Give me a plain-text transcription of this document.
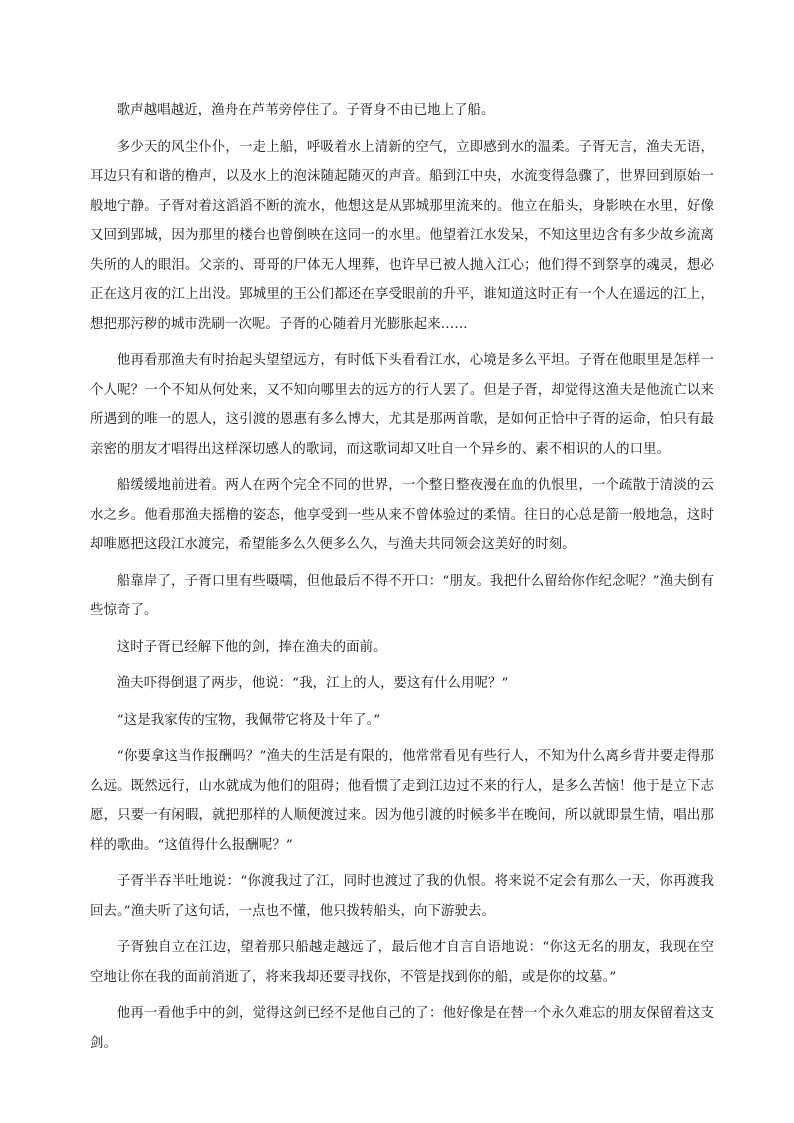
歌声越唱越近，渔舟在芦苇旁停住了。子胥身不由已地上了船。

多少天的风尘仆仆，一走上船，呼吸着水上清新的空气，立即感到水的温柔。子胥无言，渔夫无语，耳边只有和谐的橹声，以及水上的泡沫随起随灭的声音。船到江中央，水流变得急骤了，世界回到原始一般地宁静。子胥对着这滔滔不断的流水，他想这是从郢城那里流来的。他立在船头，身影映在水里，好像又回到郢城，因为那里的楼台也曾倒映在这同一的水里。他望着江水发呆，不知这里边含有多少故乡流离失所的人的眼泪。父亲的、哥哥的尸体无人埋葬，也许早已被人抛入江心；他们得不到祭享的魂灵，想必正在这月夜的江上出没。郢城里的王公们都还在享受眼前的升平，谁知道这时正有一个人在遥远的江上，想把那污秽的城市洗刷一次呢。子胥的心随着月光膨胀起来……

他再看那渔夫有时抬起头望望远方，有时低下头看看江水，心境是多么平坦。子胥在他眼里是怎样一个人呢？一个不知从何处来，又不知向哪里去的远方的行人罢了。但是子胥，却觉得这渔夫是他流亡以来所遇到的唯一的恩人，这引渡的恩惠有多么博大，尤其是那两首歌，是如何正恰中子胥的运命，怕只有最亲密的朋友才唱得出这样深切感人的歌词，而这歌词却又吐自一个异乡的、素不相识的人的口里。

船缓缓地前进着。两人在两个完全不同的世界，一个整日整夜漫在血的仇恨里，一个疏散于清淡的云水之乡。他看那渔夫摇橹的姿态，他享受到一些从来不曾体验过的柔情。往日的心总是箭一般地急，这时却唯愿把这段江水渡完，希望能多么久便多么久，与渔夫共同领会这美好的时刻。

船靠岸了，子胥口里有些嗫嚅，但他最后不得不开口：“朋友。我把什么留给你作纪念呢？”渔夫倒有些惊奇了。

这时子胥已经解下他的剑，捧在渔夫的面前。

渔夫吓得倒退了两步，他说：“我，江上的人，要这有什么用呢？”

“这是我家传的宝物，我佩带它将及十年了。”

“你要拿这当作报酬吗？”渔夫的生活是有限的，他常常看见有些行人，不知为什么离乡背井要走得那么远。既然远行，山水就成为他们的阻碍；他看惯了走到江边过不来的行人，是多么苦恼！他于是立下志愿，只要一有闲暇，就把那样的人顺便渡过来。因为他引渡的时候多半在晚间，所以就即景生情，唱出那样的歌曲。“这值得什么报酬呢？”

子胥半吞半吐地说：“你渡我过了江，同时也渡过了我的仇恨。将来说不定会有那么一天，你再渡我回去。”渔夫听了这句话，一点也不懂，他只拨转船头，向下游驶去。

子胥独自立在江边，望着那只船越走越远了，最后他才自言自语地说：“你这无名的朋友，我现在空空地让你在我的面前消逝了，将来我却还要寻找你，不管是找到你的船，或是你的坟墓。”

他再一看他手中的剑，觉得这剑已经不是他自己的了：他好像是在替一个永久难忘的朋友保留着这支剑。
